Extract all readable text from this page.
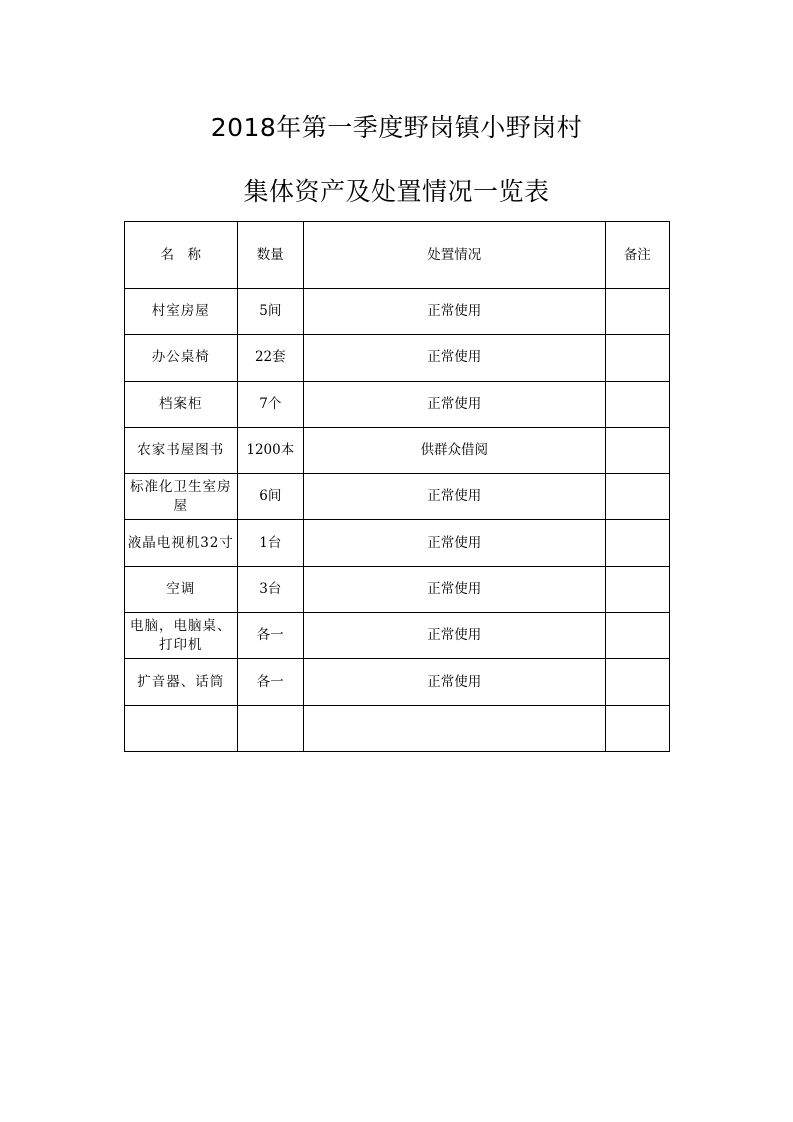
2018年第一季度野岗镇小野岗村
集体资产及处置情况一览表
名　称	数量	处置情况	备注
村室房屋	5间	正常使用	
办公桌椅	22套	正常使用	
档案柜	7个	正常使用	
农家书屋图书	1200本	供群众借阅	
标准化卫生室房屋	6间	正常使用	
液晶电视机32寸	1台	正常使用	
空调	3台	正常使用	
电脑，电脑桌、打印机	各一	正常使用	
扩音器、话筒	各一	正常使用	
